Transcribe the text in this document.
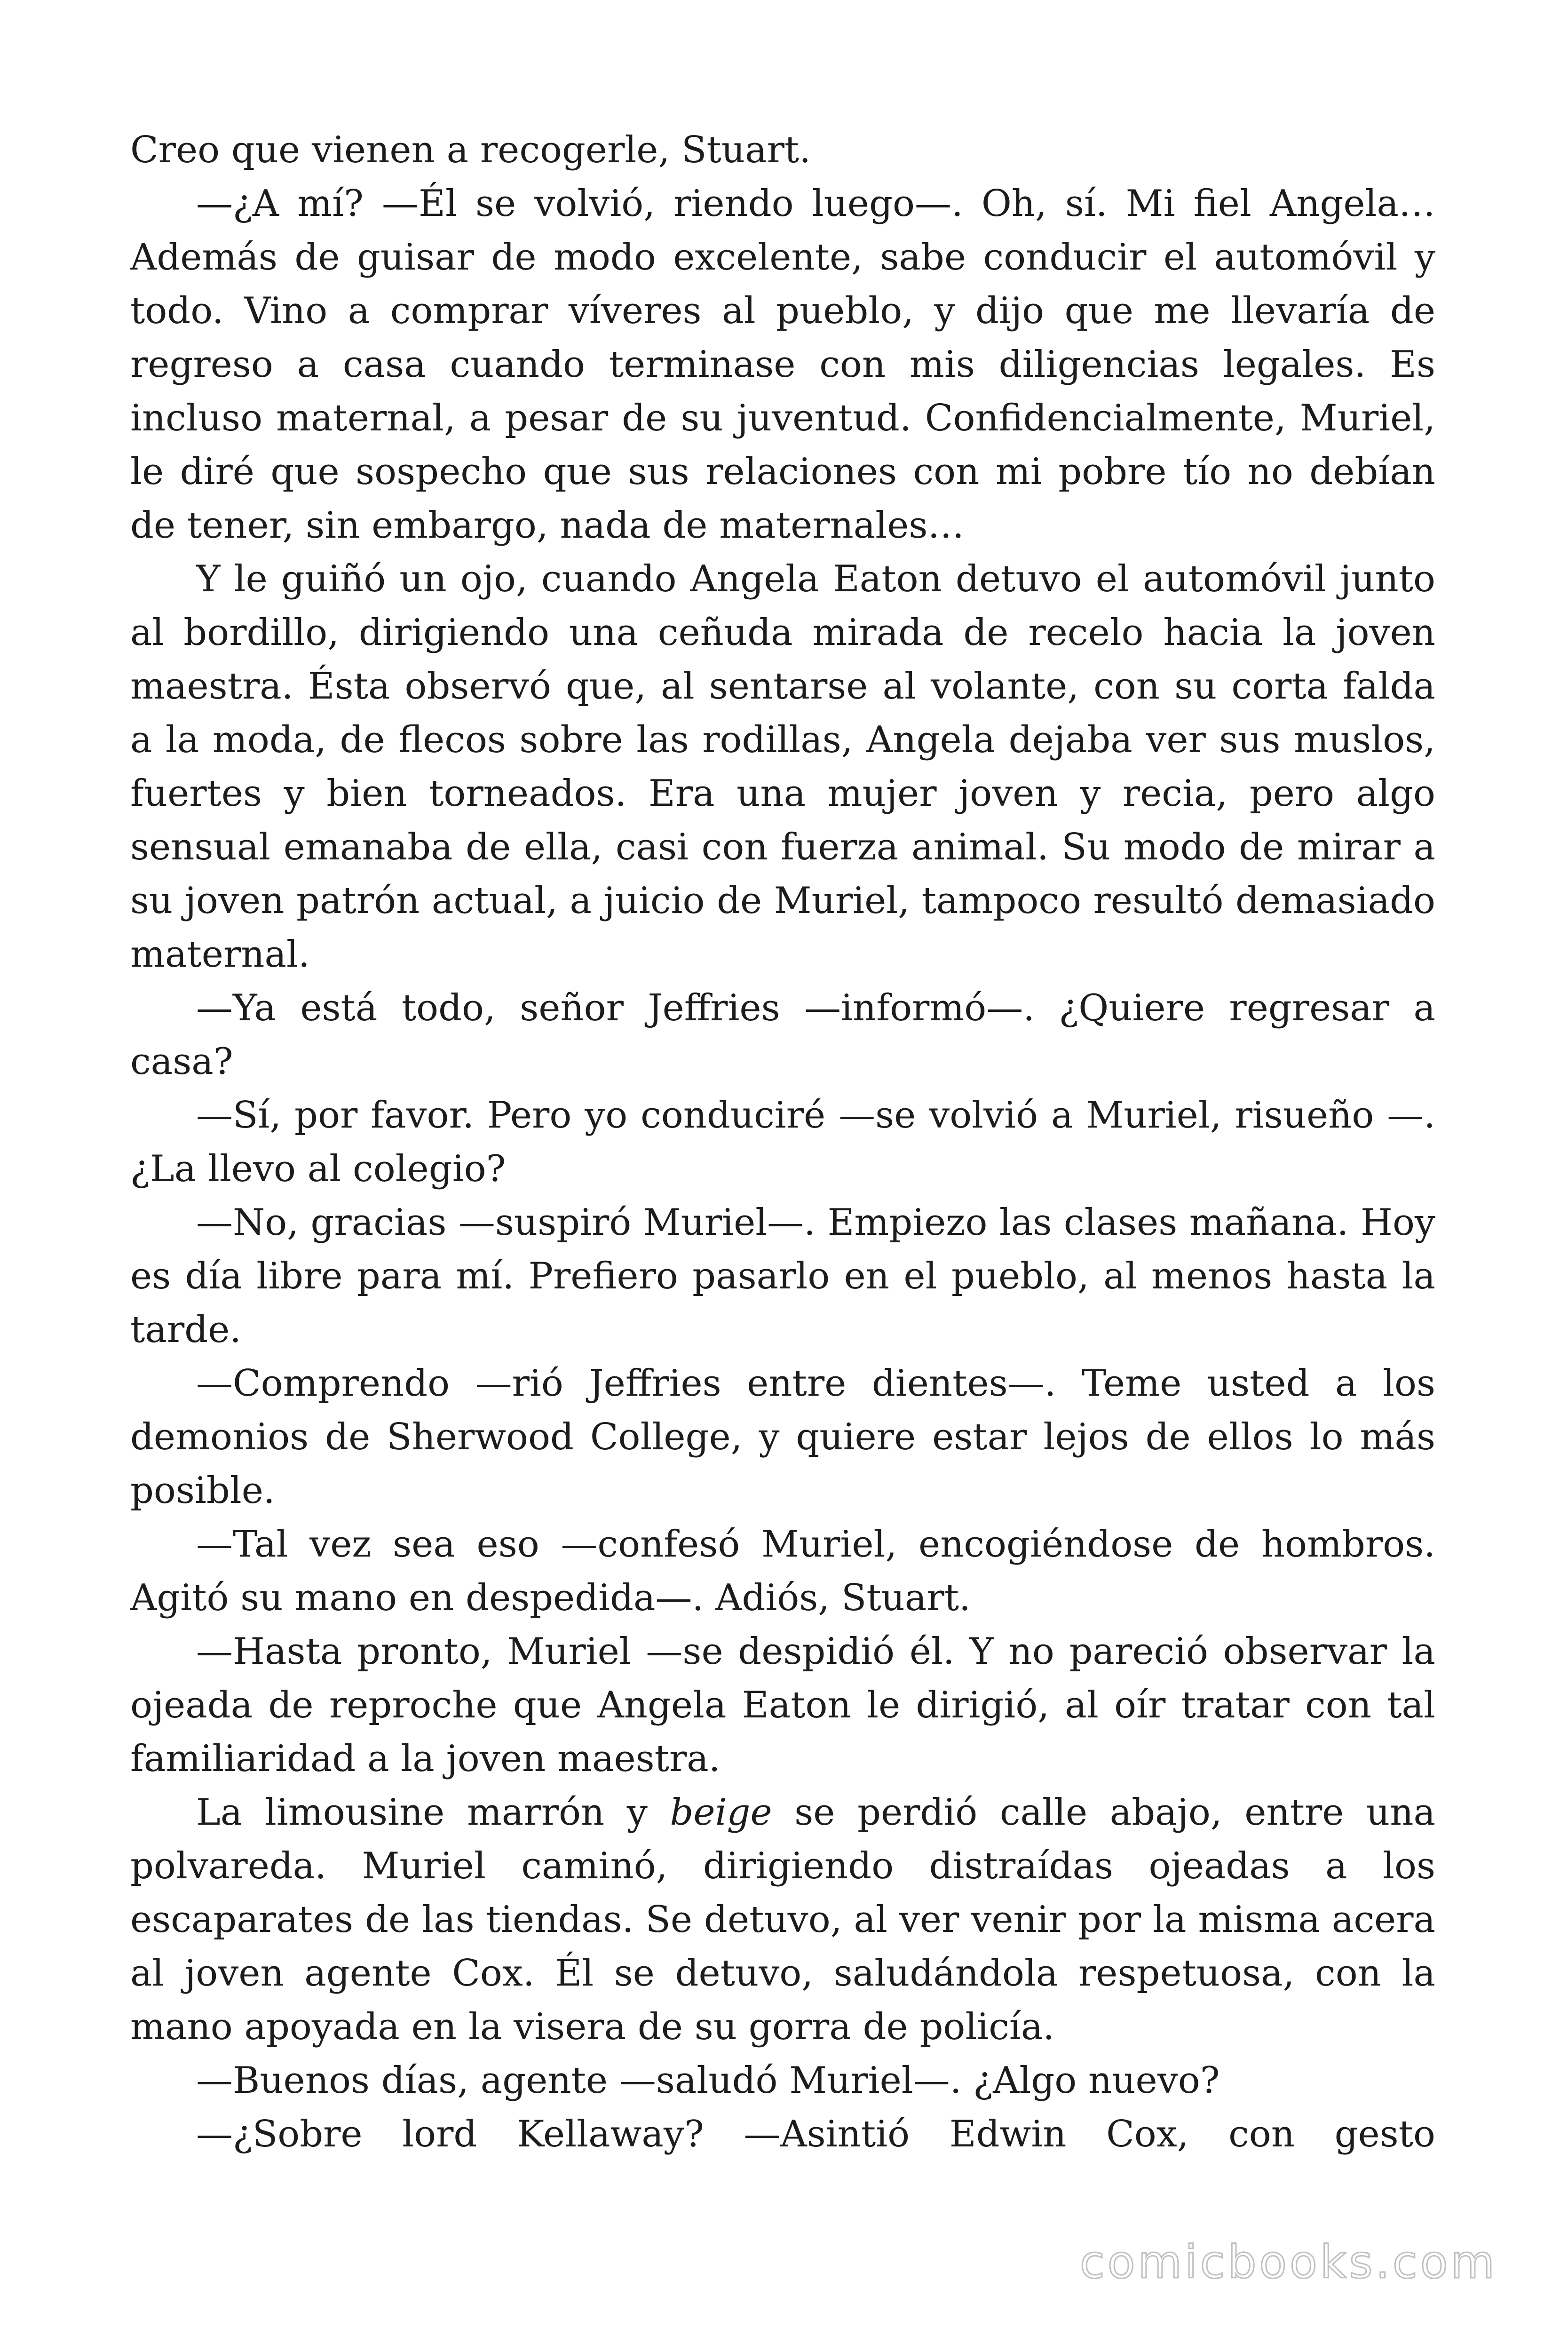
Creo que vienen a recogerle, Stuart.

—¿A mí? —Él se volvió, riendo luego—. Oh, sí. Mi fiel Angela… Además de guisar de modo excelente, sabe conducir el automóvil y todo. Vino a comprar víveres al pueblo, y dijo que me llevaría de regreso a casa cuando terminase con mis diligencias legales. Es incluso maternal, a pesar de su juventud. Confidencialmente, Muriel, le diré que sospecho que sus relaciones con mi pobre tío no debían de tener, sin embargo, nada de maternales…

Y le guiñó un ojo, cuando Angela Eaton detuvo el automóvil junto al bordillo, dirigiendo una ceñuda mirada de recelo hacia la joven maestra. Ésta observó que, al sentarse al volante, con su corta falda a la moda, de flecos sobre las rodillas, Angela dejaba ver sus muslos, fuertes y bien torneados. Era una mujer joven y recia, pero algo sensual emanaba de ella, casi con fuerza animal. Su modo de mirar a su joven patrón actual, a juicio de Muriel, tampoco resultó demasiado maternal.

—Ya está todo, señor Jeffries —informó—. ¿Quiere regresar a casa?

—Sí, por favor. Pero yo conduciré —se volvió a Muriel, risueño —. ¿La llevo al colegio?

—No, gracias —suspiró Muriel—. Empiezo las clases mañana. Hoy es día libre para mí. Prefiero pasarlo en el pueblo, al menos hasta la tarde.

—Comprendo —rió Jeffries entre dientes—. Teme usted a los demonios de Sherwood College, y quiere estar lejos de ellos lo más posible.

—Tal vez sea eso —confesó Muriel, encogiéndose de hombros. Agitó su mano en despedida—. Adiós, Stuart.

—Hasta pronto, Muriel —se despidió él. Y no pareció observar la ojeada de reproche que Angela Eaton le dirigió, al oír tratar con tal familiaridad a la joven maestra.

La limousine marrón y beige se perdió calle abajo, entre una polvareda. Muriel caminó, dirigiendo distraídas ojeadas a los escaparates de las tiendas. Se detuvo, al ver venir por la misma acera al joven agente Cox. Él se detuvo, saludándola respetuosa, con la mano apoyada en la visera de su gorra de policía.

—Buenos días, agente —saludó Muriel—. ¿Algo nuevo?

—¿Sobre lord Kellaway? —Asintió Edwin Cox, con gesto

comicbooks.com
